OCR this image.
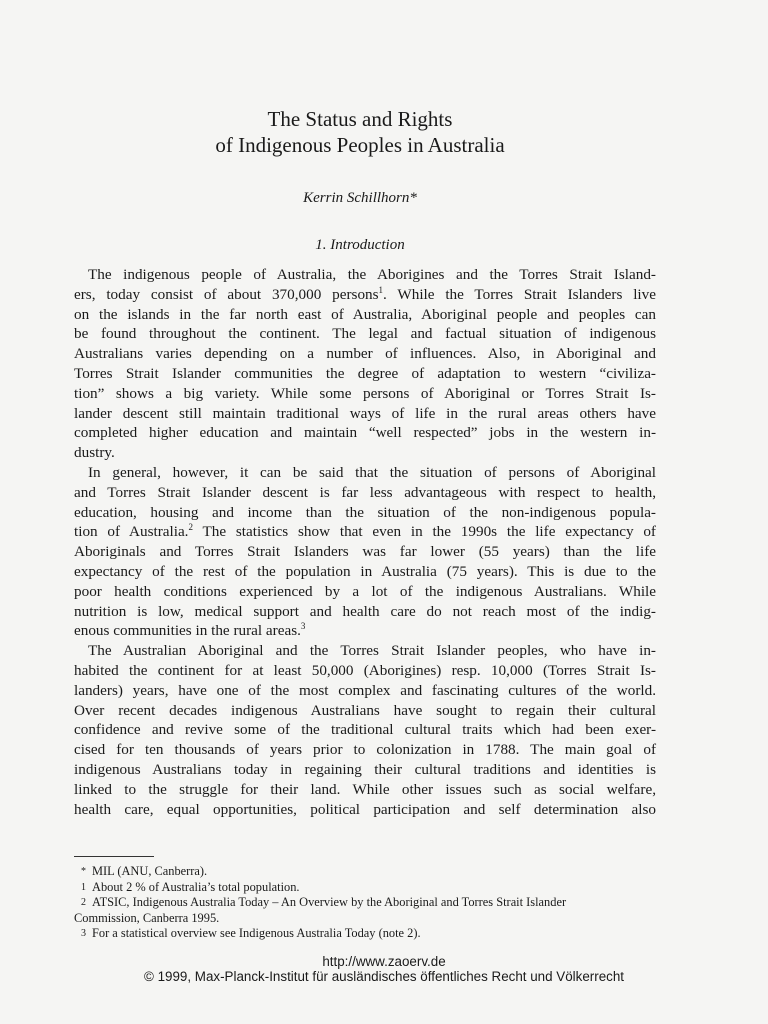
The Status and Rights
of Indigenous Peoples in Australia
Kerrin Schillhorn*
1. Introduction
The indigenous people of Australia, the Aborigines and the Torres Strait Island-
ers, today consist of about 370,000 persons$^1$. While the Torres Strait Islanders live
on the islands in the far north east of Australia, Aboriginal people and peoples can
be found throughout the continent. The legal and factual situation of indigenous
Australians varies depending on a number of influences. Also, in Aboriginal and
Torres Strait Islander communities the degree of adaptation to western “civiliza-
tion” shows a big variety. While some persons of Aboriginal or Torres Strait Is-
lander descent still maintain traditional ways of life in the rural areas others have
completed higher education and maintain “well respected” jobs in the western in-
dustry.
In general, however, it can be said that the situation of persons of Aboriginal
and Torres Strait Islander descent is far less advantageous with respect to health,
education, housing and income than the situation of the non-indigenous popula-
tion of Australia.$^2$ The statistics show that even in the 1990s the life expectancy of
Aboriginals and Torres Strait Islanders was far lower (55 years) than the life
expectancy of the rest of the population in Australia (75 years). This is due to the
poor health conditions experienced by a lot of the indigenous Australians. While
nutrition is low, medical support and health care do not reach most of the indig-
enous communities in the rural areas.$^3$
The Australian Aboriginal and the Torres Strait Islander peoples, who have in-
habited the continent for at least 50,000 (Aborigines) resp. 10,000 (Torres Strait Is-
landers) years, have one of the most complex and fascinating cultures of the world.
Over recent decades indigenous Australians have sought to regain their cultural
confidence and revive some of the traditional cultural traits which had been exer-
cised for ten thousands of years prior to colonization in 1788. The main goal of
indigenous Australians today in regaining their cultural traditions and identities is
linked to the struggle for their land. While other issues such as social welfare,
health care, equal opportunities, political participation and self determination also
* MIL (ANU, Canberra).
1 About 2 % of Australia’s total population.
2 ATSIC, Indigenous Australia Today – An Overview by the Aboriginal and Torres Strait Islander
Commission, Canberra 1995.
3 For a statistical overview see Indigenous Australia Today (note 2).
http://www.zaoerv.de
© 1999, Max-Planck-Institut für ausländisches öffentliches Recht und Völkerrecht
